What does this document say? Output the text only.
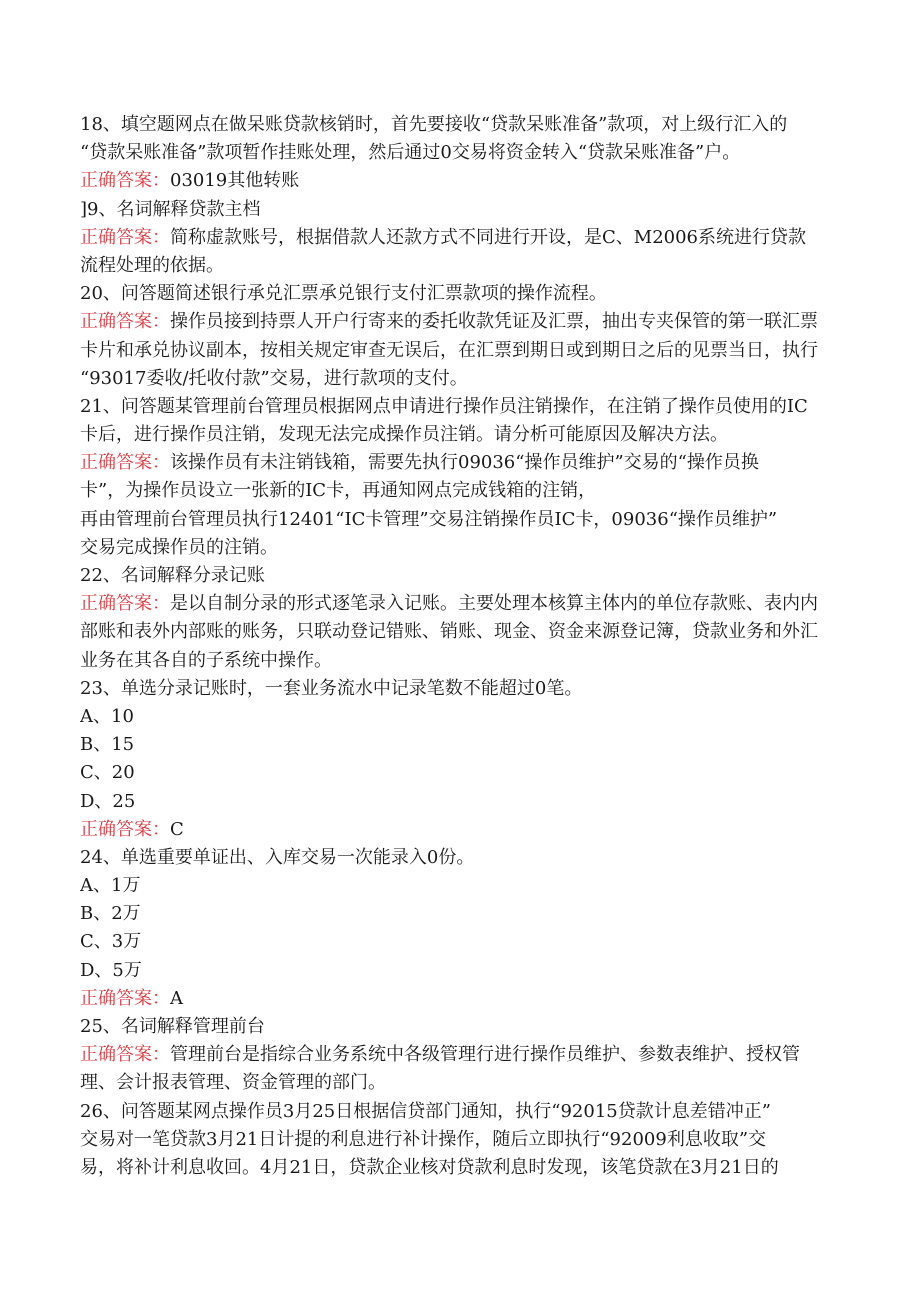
18、填空题网点在做呆账贷款核销时，首先要接收“贷款呆账准备”款项，对上级行汇入的
“贷款呆账准备”款项暂作挂账处理，然后通过0交易将资金转入“贷款呆账准备”户。
正确答案：03019其他转账
]9、名词解释贷款主档
正确答案：简称虚款账号，根据借款人还款方式不同进行开设，是C、M2006系统进行贷款
流程处理的依据。
20、问答题简述银行承兑汇票承兑银行支付汇票款项的操作流程。
正确答案：操作员接到持票人开户行寄来的委托收款凭证及汇票，抽出专夹保管的第一联汇票
卡片和承兑协议副本，按相关规定审查无误后，在汇票到期日或到期日之后的见票当日，执行
“93017委收/托收付款”交易，进行款项的支付。
21、问答题某管理前台管理员根据网点申请进行操作员注销操作，在注销了操作员使用的IC
卡后，进行操作员注销，发现无法完成操作员注销。请分析可能原因及解决方法。
正确答案：该操作员有未注销钱箱，需要先执行09036“操作员维护”交易的“操作员换
卡”，为操作员设立一张新的IC卡，再通知网点完成钱箱的注销，
再由管理前台管理员执行12401“IC卡管理”交易注销操作员IC卡，09036“操作员维护”
交易完成操作员的注销。
22、名词解释分录记账
正确答案：是以自制分录的形式逐笔录入记账。主要处理本核算主体内的单位存款账、表内内
部账和表外内部账的账务，只联动登记错账、销账、现金、资金来源登记簿，贷款业务和外汇
业务在其各自的子系统中操作。
23、单选分录记账时，一套业务流水中记录笔数不能超过0笔。
A、10
B、15
C、20
D、25
正确答案：C
24、单选重要单证出、入库交易一次能录入0份。
A、1万
B、2万
C、3万
D、5万
正确答案：A
25、名词解释管理前台
正确答案：管理前台是指综合业务系统中各级管理行进行操作员维护、参数表维护、授权管
理、会计报表管理、资金管理的部门。
26、问答题某网点操作员3月25日根据信贷部门通知，执行“92015贷款计息差错冲正”
交易对一笔贷款3月21日计提的利息进行补计操作，随后立即执行“92009利息收取”交
易，将补计利息收回。4月21日，贷款企业核对贷款利息时发现，该笔贷款在3月21日的
